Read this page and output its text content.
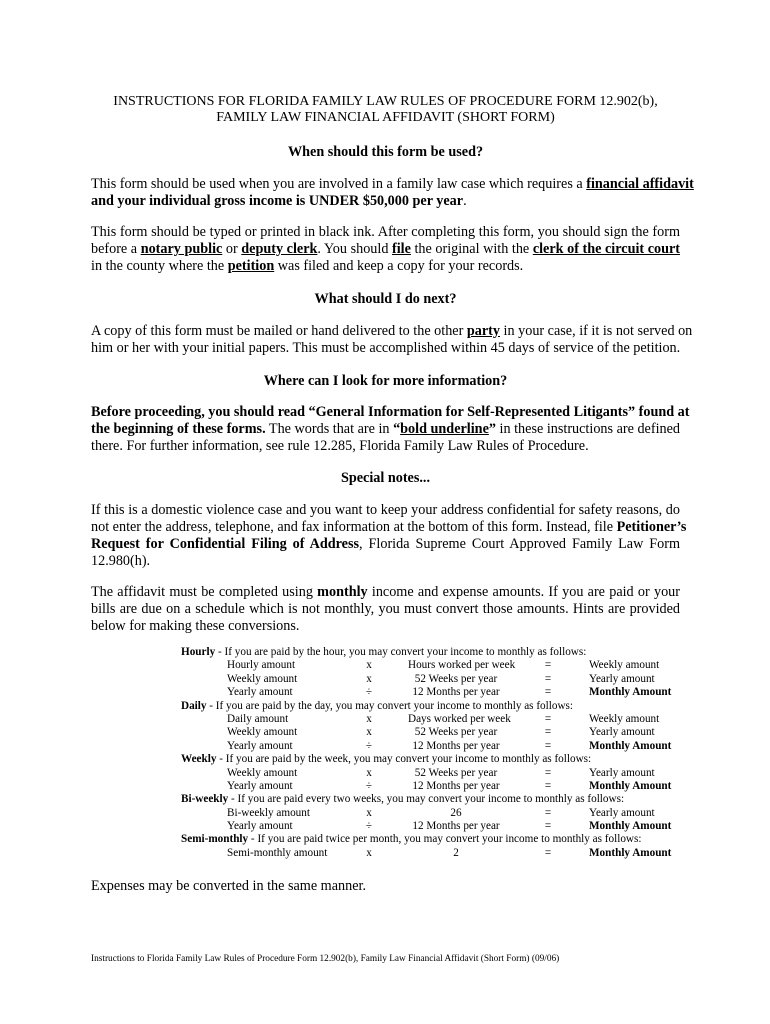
INSTRUCTIONS FOR FLORIDA FAMILY LAW RULES OF PROCEDURE FORM 12.902(b),
FAMILY LAW FINANCIAL AFFIDAVIT (SHORT FORM)
When should this form be used?
This form should be used when you are involved in a family law case which requires a financial affidavit
and your individual gross income is UNDER $50,000 per year.
This form should be typed or printed in black ink. After completing this form, you should sign the form
before a notary public or deputy clerk. You should file the original with the clerk of the circuit court
in the county where the petition was filed and keep a copy for your records.
What should I do next?
A copy of this form must be mailed or hand delivered to the other party in your case, if it is not served on
him or her with your initial papers. This must be accomplished within 45 days of service of the petition.
Where can I look for more information?
Before proceeding, you should read “General Information for Self-Represented Litigants” found at
the beginning of these forms. The words that are in “bold underline” in these instructions are defined
there. For further information, see rule 12.285, Florida Family Law Rules of Procedure.
Special notes...
If this is a domestic violence case and you want to keep your address confidential for safety reasons, do
not enter the address, telephone, and fax information at the bottom of this form. Instead, file Petitioner’s
Request for Confidential Filing of Address, Florida Supreme Court Approved Family Law Form
12.980(h).
The affidavit must be completed using monthly income and expense amounts. If you are paid or your
bills are due on a schedule which is not monthly, you must convert those amounts. Hints are provided
below for making these conversions.
Hourly - If you are paid by the hour, you may convert your income to monthly as follows:
Hourly amount	x	Hours worked per week	=	Weekly amount
Weekly amount	x	52 Weeks per year	=	Yearly amount
Yearly amount	÷	12 Months per year	=	Monthly Amount
Daily - If you are paid by the day, you may convert your income to monthly as follows:
Daily amount	x	Days worked per week	=	Weekly amount
Weekly amount	x	52 Weeks per year	=	Yearly amount
Yearly amount	÷	12 Months per year	=	Monthly Amount
Weekly - If you are paid by the week, you may convert your income to monthly as follows:
Weekly amount	x	52 Weeks per year	=	Yearly amount
Yearly amount	÷	12 Months per year	=	Monthly Amount
Bi-weekly - If you are paid every two weeks, you may convert your income to monthly as follows:
Bi-weekly amount	x	26	=	Yearly amount
Yearly amount	÷	12 Months per year	=	Monthly Amount
Semi-monthly - If you are paid twice per month, you may convert your income to monthly as follows:
Semi-monthly amount	x	2	=	Monthly Amount
Expenses may be converted in the same manner.
Instructions to Florida Family Law Rules of Procedure Form 12.902(b), Family Law Financial Affidavit (Short Form) (09/06)
